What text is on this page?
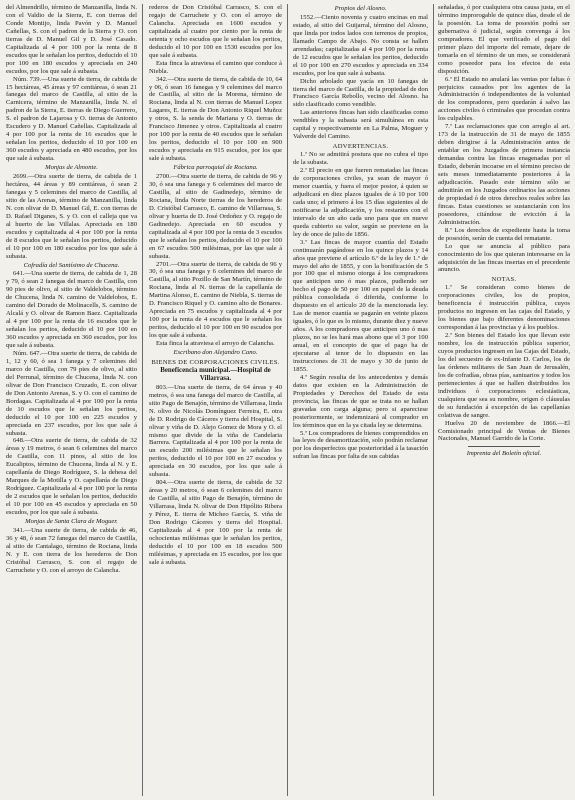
del Almendrillo, término de Manzanilla, linda N. con el Valdio de la Sierra, E. con tierras del Conde Montijo, linda Pavón y D. Manuel Cañellas, S. con el padron de la Sierra y O. con tierras de D. Manuel Gil y D. José Casado. Capitalizada al 4 por 100 por la renta de 8 escudos que le señalan los peritos, deducido el 10 por 100 en 180 escudos y apreciada en 240 escudos, por los que sale á subasta.

Núm. 739.—Una suerte de tierra, de cabida de 15 hectáreas, 45 áreas y 97 centiáreas, ó sean 21 fanegas del marco de Castilla, al sitio de la Carnicera, término de Manzanilla, linda N. el padron de la Sierra, E. tierras de Diego Guerrero, S. el padron de Lajarosa y O. tierras de Antonio Escudero y D. Manuel Cañellas. Capitalizada al 4 por 100 por la renta de 16 escudos que le señalan los peritos, deducido el 10 por 100 en 360 escudos y apreciada en 480 escudos, por los que sale á subasta.

Monjas de Almonte.

2699.—Otra suerte de tierra, de cabida de 1 hectárea, 44 áreas y 89 centiáreas, ó sean 2 fanegas y 5 celemines del marco de Castilla, al sitio de las Arenas, término de Manzanilla, linda N. con olivar de D. Manuel Gil, E. con tierras de D. Rafael Diganes, S. y O. con el calleja que va al huerto de las Villalas. Apreciada en 180 escudos y capitalizada al 4 por 100 por la renta de 8 escudos que le señalan los peritos, deducido el 10 por 100 en 180 escudos por los que sale á subasta.

Cofradía del Santísimo de Chucena.

641.—Una suerte de tierra, de cabida de 1, 28 y 79, ó sean 2 fanegas del marco de Castilla, con 90 pies de olivo, al sitio de Valdelobos, término de Chucena, linda N. camino de Valdelobos, E. camino del Dorado de Molinacells, S. camino de Alcalá y O. olivar de Ramon Baez. Capitalizada al 4 por 100 por la renta de 16 escudos que le señalan los peritos, deducido el 10 por 100 en 360 escudos y apreciada en 360 escudos, por los que sale á subasta.

Núm. 647.—Otra suerte de tierra, de cabida de 1, 12 y 60, ó sea 1 fanega y 7 celemines del marco de Castilla, con 79 pies de olivo, al sitio del Perrunal, término de Chucena, linda N. con olivar de Don Francisco Cruzado, E. con olivar de Don Antonio Arenas, S. y O. con el camino de Bordagas. Capitalizada al 4 por 100 por la renta de 10 escudos que le señalan los peritos, deducido el 10 por 100 en 225 escudos y apreciada en 237 escudos, por los que sale á subasta.

648.—Otra suerte de tierra, de cabida de 32 áreas y 19 metros, ó sean 6 celemines del marco de Castilla, con 11 pinos, al sitio de los Eucaliptos, término de Chucena, linda al N. y E. capellanía de Diego Rodríguez, S. la dehesa del Marques de la Motilla y O. capellanía de Diego Rodríguez. Capitalizada al 4 por 100 por la renta de 2 escudos que le señalan los peritos, deducido el 10 por 100 en 45 escudos y apreciada en 50 escudos, por los que sale á subasta.

Monjas de Santa Clara de Moguer.

341.—Una suerte de tierra, de cabida de 46, 36 y 48, ó sean 72 fanegas del marco de Castilla, al sitio de Cantalago, término de Rociana, linda N. y E. con tierra de los herederos de Don Cristóbal Carrasco, S. con el regajo de Carruchete y O. con el arroyo de Calancha.

rederos de Don Cristóbal Carrasco, S. con el regajo de Carruchete y O. con el arroyo de Calancha. Apreciada en 1600 escudos y capitalizada al cuatro por ciento por la renta de setenta y ocho escudos que le señalan los peritos, deducido el 10 por 100 en 1530 escudos por los que sale á subasta.

Esta finca la atraviesa el camino que conduce á Niebla.

342.—Otra suerte de tierra, de cabida de 10, 64 y 06, ó sean 16 fanegas y 9 celemines del marco de Castilla, al sitio de la Morena, término de Rociana, linda al N. con tierras de Manuel Lopez Lagares, E. tierras de Don Antonio Riquel Muñoz y otros, S. la senda de Mariana y O. tierras de Francisco Jimenez y otros. Capitalizada al cuatro por 100 por la renta de 40 escudos que le señalan los peritos, deducido el 10 por 100 en 900 escudos y apreciada en 915 escudos, por los que sale á subasta.

Fábrica parroquial de Rociana.

2700.—Otra suerte de tierra, de cabida de 96 y 30, ó sea una fanega y 6 celemines del marco de Castilla, al sitio de Gadinedejo, término de Rociana, linda Norte tierras de los herederos de D. Cristóbal Carrasco, E. camino de Villarrasa, S. olivar y huerta de D. José Ordoñez y O. regajo de Gadinedejo. Apreciada en 60 escudos y capitalizada al 4 por 100 por la renta de 3 escudos que le señalan los peritos, deducido el 10 por 100 en 67 escudos 500 milésimas, por las que sale á subasta.

2701.—Otra suerte de tierra, de cabida de 96 y 30, ó sea una fanega y 6 celemines del marco de Castilla, al sitio Pozillo de San Martín, término de Rociana, linda al N. tierras de la capellanía de Martina Alonso, E. camino de Niebla, S. tierras de D. Francisco Riquel y O. camino alto de Bonares. Apreciada en 75 escudos y capitalizada al 4 por 100 por la renta de 4 escudos que le señalan los peritos, deducido el 10 por 100 en 90 escudos por los que sale á subasta.

Esta finca la atraviesa el arroyo de Calancha.

Escribano don Alejandro Cano.

BIENES DE CORPORACIONES CIVILES.

Beneficencia municipal.—Hospital de Villarrasa.

803.—Una suerte de tierra, de 64 áreas y 40 metros, ó sea una fanega del marco de Castilla, al sitio Pago de Benajón, término de Villarrasa, linda N. olivo de Nicolás Domínguez Ferreira, E. otra de D. Rodrigo de Cáceres y tierra del Hospital, S. olivar y viña de D. Alejo Gomez de Mora y O. el mismo que divide de la viña de Candelaria Barrera. Capitalizada al 4 por 100 por la renta de un escudo 200 milésimas que le señalan los peritos, deducido el 10 por 100 en 27 escudos y apreciada en 30 escudos, por los que sale á subasta.

804.—Otra suerte de tierra, de cabida de 32 áreas y 20 metros, ó sean 6 celemines del marco de Castilla, al sitio Pago de Benajón, término de Villarrasa, linda N. olivar de Don Hipólito Ribera y Pérez, E. tierra de Micheo García, S. viña de Don Rodrigo Cáceres y tierra del Hospital. Capitalizada al 4 por 100 por la renta de ochocientas milésimas que le señalan los peritos, deducido el 10 por 100 en 18 escudos 500 milésimas, y apreciada en 15 escudos, por los que sale á subasta.

Propios del Alosno.

1552.—Ciento noventa y cuatro encinas en mal estado, al sitio del Guijarral, término del Alosno, que linda por todos lados con terrenos de propios, llamado Campo de Abajo. No consta se hallen arrendadas; capitalizadas al 4 por 100 por la renta de 12 escudos que le señalan los peritos, deducido el 10 por 100 en 270 escudos y apreciada en 334 escudos, por los que sale á subasta.

Dicho arbolado que yacía en 10 fanegas de tierra del marco de Castilla, de la propiedad de don Francisco García Rebollo, vecino del Alosno. ha sido clasificado como vendible.

Las anteriores fincas han sido clasificadas como vendibles y la subasta será simultánea en esta capital y respectivamente en La Palma, Moguer y Valverde del Camino.

ADVERTENCIAS.

1.ª No se admitirá postura que no cubra el tipo de la subasta.

2.ª El precio en que fueren rematadas las fincas de corporaciones civiles, ya sean de mayor ó menor cuantía, y fuera el mejor postor, á quien se adjudicará en diez plazos iguales de á 10 por 100 cada uno; el primero á los 15 días siguientes al de notificarse la adjudicación, y los restantes con el intervalo de un año cada uno para que en nueve queda cubierto su valor, según se previene en la ley de once de julio de 1856.

3.ª Las fincas de mayor cuantía del Estado continuarán pagándose en los quince plazos y 14 años que previene el artículo 6.º de la ley de 1.º de mayo del año de 1855, y con la bonificación de 5 por 100 que el mismo otorga á los compradores que anticipen uno ó mas plazos, pudiendo ser hecho el pago de 50 por 100 en papel de la deuda pública consolidada ó diferida, conforme lo dispuesto en el artículo 20 de la mencionada ley. Las de menor cuantía se pagarán en veinte plazos iguales, ó lo que es lo mismo, durante diez y nueve años. A los compradores que anticipen uno ó mas plazos, no se les hará mas abono que el 3 por 100 anual, en el concepto de que el pago ha de ejecutarse al tenor de lo dispuesto en las instrucciones de 31 de mayo y 30 de junio de 1855.

4.ª Según resulta de los antecedentes y demás datos que existen en la Administración de Propiedades y Derechos del Estado de esta provincia, las fincas de que se trata no se hallan gravadas con carga alguna; pero si apareciese posteriormente, se indemnizará al comprador en los términos que en la ya citada ley se determina.

5.ª Los compradores de bienes comprendidos en las leyes de desamortización, solo podrán reclamar por los desperfectos que posterioridad á la tasación sufran las fincas por falta de sus cabidas

señaladas, ó por cualquiera otra causa justa, en el término improrogable de quince días, desde el de la posesión. La toma de posesión podrá ser gubernativa ó judicial, según convenga á los compradores. El que verificado el pago del primer plazo del importe del remate, dejare de tomarla en el término de un mes, se considerará como poseedor para los efectos de esta disposición.

6.ª El Estado no anulará las ventas por faltas ó perjuicios causados por los agentes de la Administración ó independientes de la voluntad de los compradores, pero quedarán á salvo las acciones civiles ó criminales que procedan contra los culpables.

7.ª Las reclamaciones que con arreglo al art. 173 de la instrucción de 31 de mayo de 1855 deben dirigirse á la Administración antes de entablar en los Juzgados de primera instancia demandas contra las fincas enagenadas por el Estado, deberán incoarse en el término preciso de seis meses inmediatamente posteriores á la adjudicación. Pasado este término sólo se admitirán en los Juzgados ordinarios las acciones de propiedad ó de otros derechos reales sobre las fincas. Estas cuestiones se sustanciarán con los poseedores, citándose de evicción á la Administración.

8.ª Los derechos de expediente hasta la toma de posesión, serán de cuenta del rematante.

Lo que se anuncia al público para conocimiento de los que quieran interesarse en la adquisición de las fincas insertas en el precedente anuncio.

NOTAS.

1.ª Se consideran como bienes de corporaciones civiles, los de propios, beneficencia é instrucción pública, cuyos productos no ingresen en las cajas del Estado, y los bienes que bajo diferentes denominaciones correspondan á las provincias y á los pueblos.

2.ª Son bienes del Estado los que llevan este nombre, los de instrucción pública superior, cuyos productos ingresen en las Cajas del Estado, los del secuestro de ex-Infante D. Carlos, los de las órdenes militares de San Juan de Jerusalén, los de cofradías, obras pías, santuarios y todos los pertenecientes á que se hallen distribuidos los individuos ó corporaciones eclesiásticas, cualquiera que sea su nombre, origen ó cláusulas de su fundación á excepción de las capellanías colativas de sangre.

Huelva 20 de noviembre de 1866.—El Comisionado principal de Ventas de Bienes Nacionales, Manuel Garrido de la Corte.

Imprenta del Boletín oficial.
